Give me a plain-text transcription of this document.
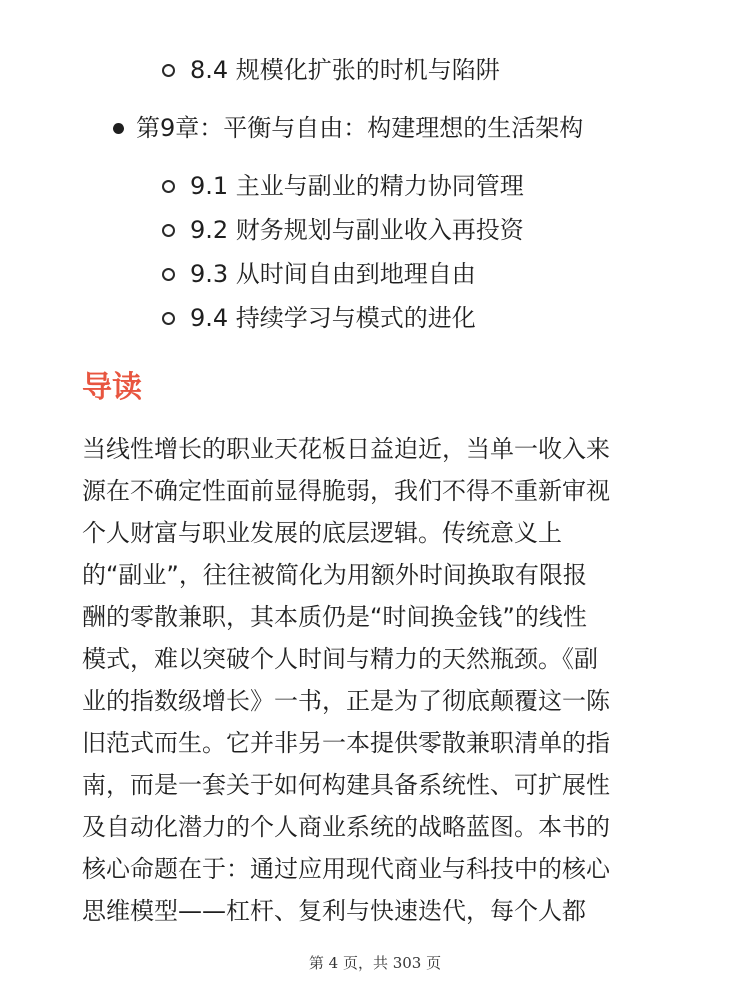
8.4 规模化扩张的时机与陷阱
第9章：平衡与自由：构建理想的生活架构
9.1 主业与副业的精力协同管理
9.2 财务规划与副业收入再投资
9.3 从时间自由到地理自由
9.4 持续学习与模式的进化
导读
当线性增长的职业天花板日益迫近，当单一收入来
源在不确定性面前显得脆弱，我们不得不重新审视
个人财富与职业发展的底层逻辑。传统意义上
的“副业”，往往被简化为用额外时间换取有限报
酬的零散兼职，其本质仍是“时间换金钱”的线性
模式，难以突破个人时间与精力的天然瓶颈。《副
业的指数级增长》一书，正是为了彻底颠覆这一陈
旧范式而生。它并非另一本提供零散兼职清单的指
南，而是一套关于如何构建具备系统性、可扩展性
及自动化潜力的个人商业系统的战略蓝图。本书的
核心命题在于：通过应用现代商业与科技中的核心
思维模型——杠杆、复利与快速迭代，每个人都
第 4 页，共 303 页
